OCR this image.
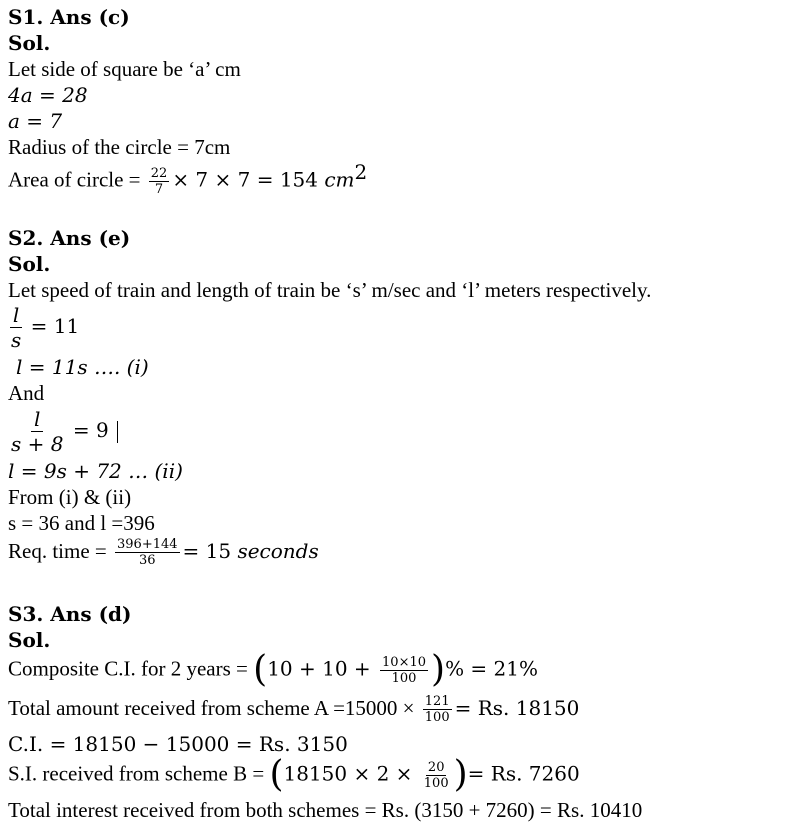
S1. Ans (c)
Sol.
Let side of square be ‘a’ cm
4a = 28
a = 7
Radius of the circle = 7cm
Area of circle = $\frac{22}{7} \times 7 \times 7 = 154$ $cm^2$
S2. Ans (e)
Sol.
Let speed of train and length of train be ‘s’ m/sec and ‘l’ meters respectively.
$\frac{l}{s} = 11$
l = 11s …. (i)
And
$\frac{l}{s + 8} = 9$
l = 9s + 72 … (ii)
From (i) & (ii)
s = 36 and l =396
Req. time = $\frac{396+144}{36} = 15$ seconds
S3. Ans (d)
Sol.
Composite C.I. for 2 years = ($10 + 10 + \frac{10\times 10}{100}$ )% = 21%
Total amount received from scheme $A =15000 \times \frac{121}{100} = Rs$. 18150
C.I. = 18150 − 15000 = Rs. 3150
S.I. received from scheme $B = (18150 \times 2 \times \frac{20}{100}$ )= Rs. 7260
Total interest received from both schemes = Rs. (3150 + 7260) = Rs. 10410
